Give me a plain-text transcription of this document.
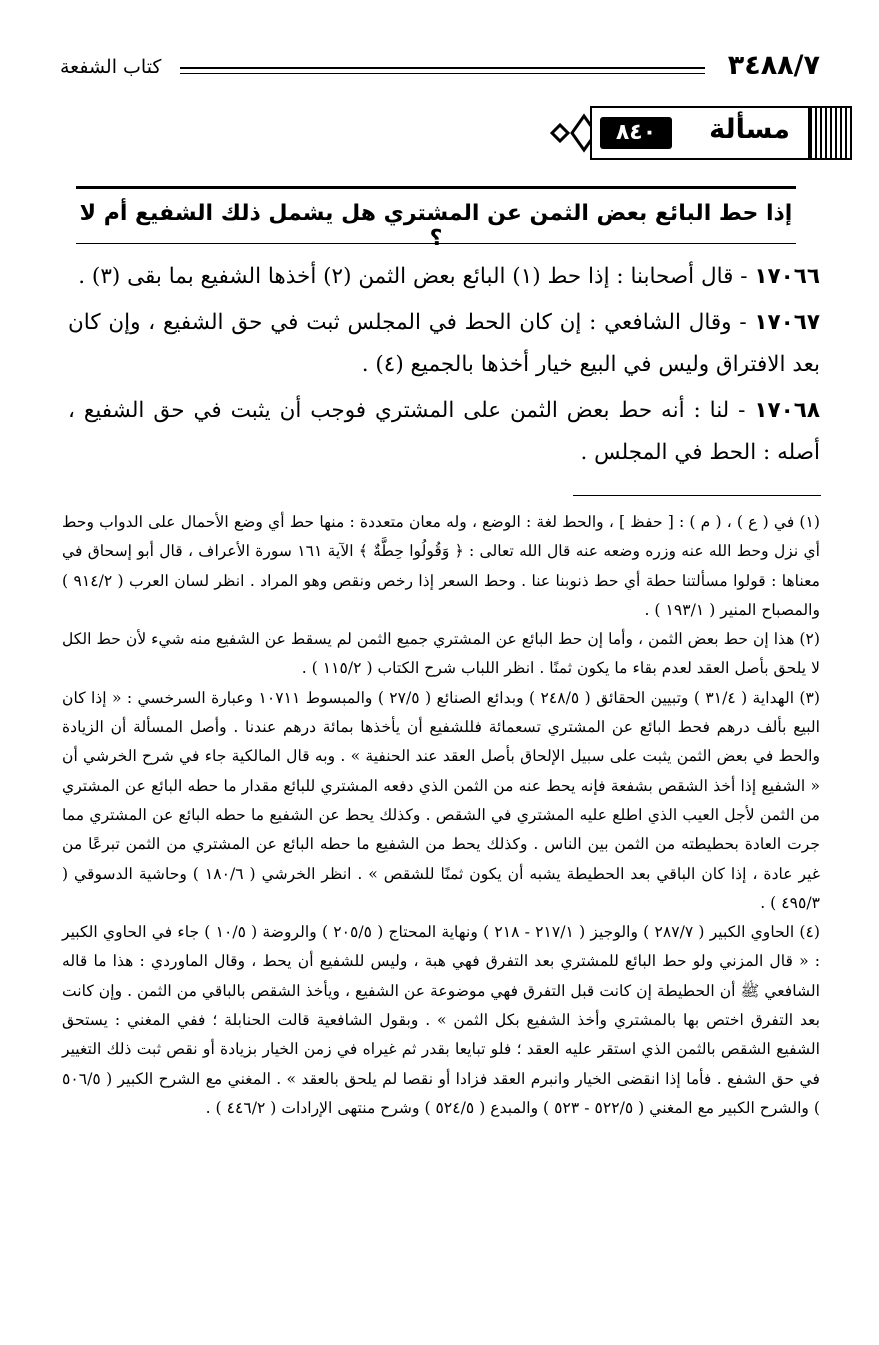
٣٤٨٨/٧
كتاب الشفعة
مسألة
٨٤٠
إذا حط البائع بعض الثمن عن المشتري هل يشمل ذلك الشفيع أم لا ؟

١٧٠٦٦ - قال أصحابنا : إذا حط (١) البائع بعض الثمن (٢) أخذها الشفيع بما بقى (٣) .

١٧٠٦٧ - وقال الشافعي : إن كان الحط في المجلس ثبت في حق الشفيع ، وإن كان بعد الافتراق وليس في البيع خيار أخذها بالجميع (٤) .

١٧٠٦٨ - لنا : أنه حط بعض الثمن على المشتري فوجب أن يثبت في حق الشفيع ، أصله : الحط في المجلس .

(١) في ( ع ) ، ( م ) : [ حفظ ] ، والحط لغة : الوضع ، وله معان متعددة : منها حط أي وضع الأحمال على الدواب وحط أي نزل وحط الله عنه وزره وضعه عنه قال الله تعالى : ﴿ وَقُولُوا حِطَّةٌ ﴾ الآية ١٦١ سورة الأعراف ، قال أبو إسحاق في معناها : قولوا مسألتنا حطة أي حط ذنوبنا عنا . وحط السعر إذا رخص ونقص وهو المراد . انظر لسان العرب ( ٩١٤/٢ ) والمصباح المنير ( ١٩٣/١ ) .

(٢) هذا إن حط بعض الثمن ، وأما إن حط البائع عن المشتري جميع الثمن لم يسقط عن الشفيع منه شيء لأن حط الكل لا يلحق بأصل العقد لعدم بقاء ما يكون ثمنًا . انظر اللباب شرح الكتاب ( ١١٥/٢ ) .

(٣) الهداية ( ٣١/٤ ) وتبيين الحقائق ( ٢٤٨/٥ ) وبدائع الصنائع ( ٢٧/٥ ) والمبسوط ١٠٧١١ وعبارة السرخسي : « إذا كان البيع بألف درهم فحط البائع عن المشتري تسعمائة فللشفيع أن يأخذها بمائة درهم عندنا . وأصل المسألة أن الزيادة والحط في بعض الثمن يثبت على سبيل الإلحاق بأصل العقد عند الحنفية » . وبه قال المالكية جاء في شرح الخرشي أن « الشفيع إذا أخذ الشقص بشفعة فإنه يحط عنه من الثمن الذي دفعه المشتري للبائع مقدار ما حطه البائع عن المشتري من الثمن لأجل العيب الذي اطلع عليه المشتري في الشقص . وكذلك يحط عن الشفيع ما حطه البائع عن المشتري مما جرت العادة بحطيطته من الثمن بين الناس . وكذلك يحط من الشفيع ما حطه البائع عن المشتري من الثمن تبرعًا من غير عادة ، إذا كان الباقي بعد الحطيطة يشبه أن يكون ثمنًا للشقص » . انظر الخرشي ( ١٨٠/٦ ) وحاشية الدسوقي ( ٤٩٥/٣ ) .

(٤) الحاوي الكبير ( ٢٨٧/٧ ) والوجيز ( ٢١٧/١ - ٢١٨ ) ونهاية المحتاج ( ٢٠٥/٥ ) والروضة ( ١٠/٥ ) جاء في الحاوي الكبير : « قال المزني ولو حط البائع للمشتري بعد التفرق فهي هبة ، وليس للشفيع أن يحط ، وقال الماوردي : هذا ما قاله الشافعي ﷺ أن الحطيطة إن كانت قبل التفرق فهي موضوعة عن الشفيع ، ويأخذ الشقص بالباقي من الثمن . وإن كانت بعد التفرق اختص بها بالمشتري وأخذ الشفيع بكل الثمن » . وبقول الشافعية قالت الحنابلة ؛ ففي المغني : يستحق الشفيع الشقص بالثمن الذي استقر عليه العقد ؛ فلو تبايعا بقدر ثم غيراه في زمن الخيار بزيادة أو نقص ثبت ذلك التغيير في حق الشفع . فأما إذا انقضى الخيار وانبرم العقد فزادا أو نقصا لم يلحق بالعقد » . المغني مع الشرح الكبير ( ٥٠٦/٥ ) والشرح الكبير مع المغني ( ٥٢٢/٥ - ٥٢٣ ) والمبدع ( ٥٢٤/٥ ) وشرح منتهى الإرادات ( ٤٤٦/٢ ) .
